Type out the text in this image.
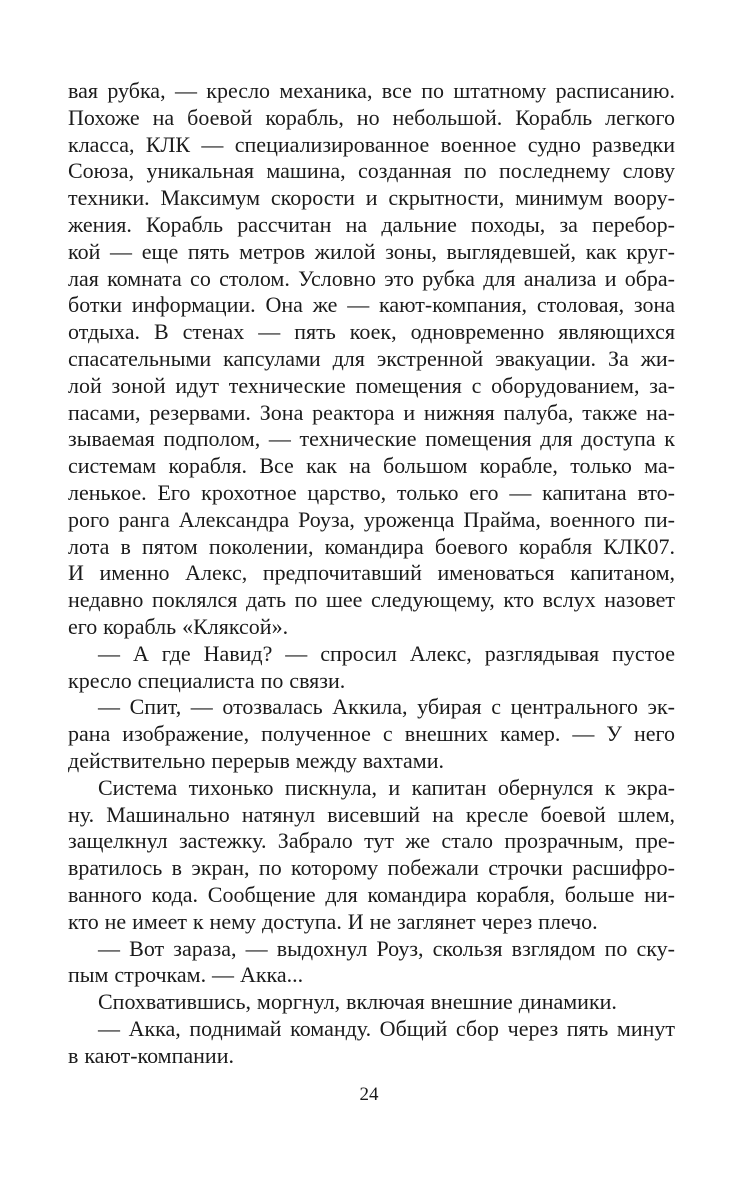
вая рубка, — кресло механика, все по штатному расписанию.
Похоже на боевой корабль, но небольшой. Корабль легкого
класса, КЛК — специализированное военное судно разведки
Союза, уникальная машина, созданная по последнему слову
техники. Максимум скорости и скрытности, минимум воору-
жения. Корабль рассчитан на дальние походы, за перебор-
кой — еще пять метров жилой зоны, выглядевшей, как круг-
лая комната со столом. Условно это рубка для анализа и обра-
ботки информации. Она же — кают-компания, столовая, зона
отдыха. В стенах — пять коек, одновременно являющихся
спасательными капсулами для экстренной эвакуации. За жи-
лой зоной идут технические помещения с оборудованием, за-
пасами, резервами. Зона реактора и нижняя палуба, также на-
зываемая подполом, — технические помещения для доступа к
системам корабля. Все как на большом корабле, только ма-
ленькое. Его крохотное царство, только его — капитана вто-
рого ранга Александра Роуза, уроженца Прайма, военного пи-
лота в пятом поколении, командира боевого корабля КЛК07.
И именно Алекс, предпочитавший именоваться капитаном,
недавно поклялся дать по шее следующему, кто вслух назовет
его корабль «Кляксой».

— А где Навид? — спросил Алекс, разглядывая пустое
кресло специалиста по связи.

— Спит, — отозвалась Аккила, убирая с центрального эк-
рана изображение, полученное с внешних камер. — У него
действительно перерыв между вахтами.

Система тихонько пискнула, и капитан обернулся к экра-
ну. Машинально натянул висевший на кресле боевой шлем,
защелкнул застежку. Забрало тут же стало прозрачным, пре-
вратилось в экран, по которому побежали строчки расшифро-
ванного кода. Сообщение для командира корабля, больше ни-
кто не имеет к нему доступа. И не заглянет через плечо.

— Вот зараза, — выдохнул Роуз, скользя взглядом по ску-
пым строчкам. — Акка...

Спохватившись, моргнул, включая внешние динамики.

— Акка, поднимай команду. Общий сбор через пять минут
в кают-компании.

24
